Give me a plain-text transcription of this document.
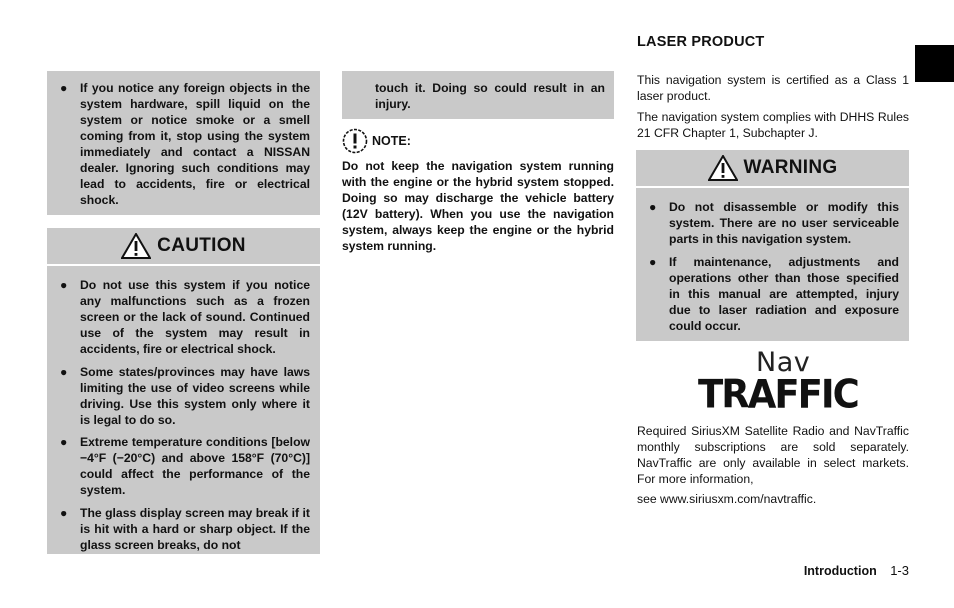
● If you notice any foreign objects in the system hardware, spill liquid on the system or notice smoke or a smell coming from it, stop using the system immediately and contact a NISSAN dealer. Ignoring such conditions may lead to accidents, fire or electrical shock.

CAUTION
● Do not use this system if you notice any malfunctions such as a frozen screen or the lack of sound. Continued use of the system may result in accidents, fire or electrical shock.

● Some states/provinces may have laws limiting the use of video screens while driving. Use this system only where it is legal to do so.

● Extreme temperature conditions [below −4°F (−20°C) and above 158°F (70°C)] could affect the performance of the system.

● The glass display screen may break if it is hit with a hard or sharp object. If the glass screen breaks, do not

touch it. Doing so could result in an injury.

NOTE:

Do not keep the navigation system running with the engine or the hybrid system stopped. Doing so may discharge the vehicle battery (12V battery). When you use the navigation system, always keep the engine or the hybrid system running.

LASER PRODUCT

This navigation system is certified as a Class 1 laser product.

The navigation system complies with DHHS Rules 21 CFR Chapter 1, Subchapter J.

WARNING
● Do not disassemble or modify this system. There are no user serviceable parts in this navigation system.

● If maintenance, adjustments and operations other than those specified in this manual are attempted, injury due to laser radiation and exposure could occur.

Nav
TRAFFIC

Required SiriusXM Satellite Radio and NavTraffic monthly subscriptions are sold separately. NavTraffic are only available in select markets. For more information,

see www.siriusxm.com/navtraffic.

Introduction 1-3
